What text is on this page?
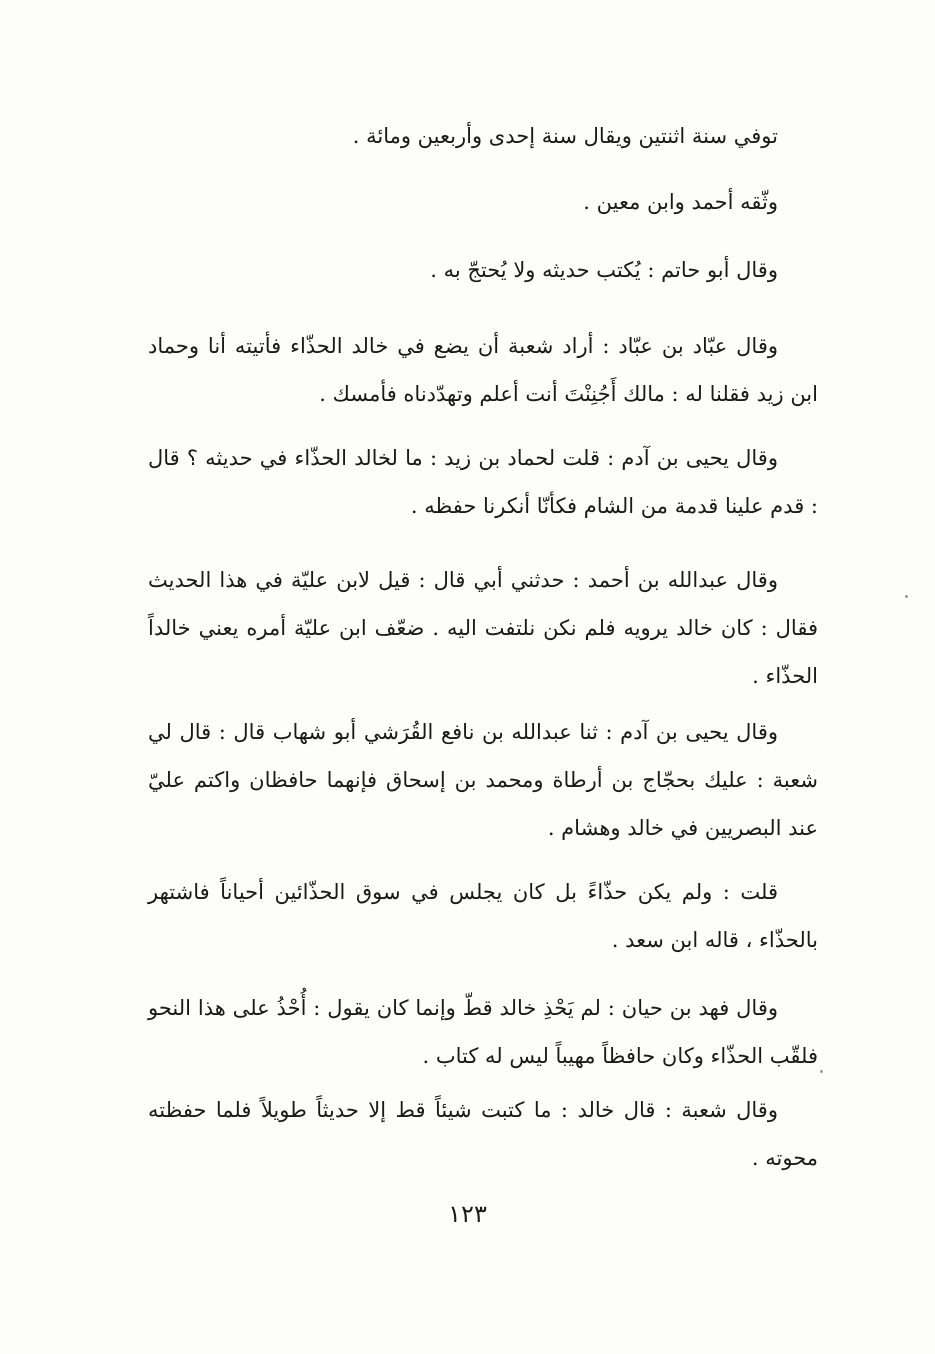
توفي سنة اثنتين ويقال سنة إحدى وأربعين ومائة .

وثّقه أحمد وابن معين .

وقال أبو حاتم : يُكتب حديثه ولا يُحتجّ به .

وقال عبّاد بن عبّاد : أراد شعبة أن يضع في خالد الحذّاء فأتيته أنا وحماد ابن زيد فقلنا له : مالك أَجُنِنْتَ أنت أعلم وتهدّدناه فأمسك .

وقال يحيى بن آدم : قلت لحماد بن زيد : ما لخالد الحذّاء في حديثه ؟ قال : قدم علينا قدمة من الشام فكأنّا أنكرنا حفظه .

وقال عبدالله بن أحمد : حدثني أبي قال : قيل لابن عليّة في هذا الحديث فقال : كان خالد يرويه فلم نكن نلتفت اليه . ضعّف ابن عليّة أمره يعني خالداً الحذّاء .

وقال يحيى بن آدم : ثنا عبدالله بن نافع القُرَشي أبو شهاب قال : قال لي شعبة : عليك بحجّاج بن أرطاة ومحمد بن إسحاق فإنهما حافظان واكتم عليّ عند البصريين في خالد وهشام .

قلت : ولم يكن حذّاءً بل كان يجلس في سوق الحذّائين أحياناً فاشتهر بالحذّاء ، قاله ابن سعد .

وقال فهد بن حيان : لم يَحْذِ خالد قطّ وإنما كان يقول : أُحْذُ على هذا النحو فلقّب الحذّاء وكان حافظاً مهيباً ليس له كتاب .

وقال شعبة : قال خالد : ما كتبت شيئاً قط إلا حديثاً طويلاً فلما حفظته محوته .

١٢٣
